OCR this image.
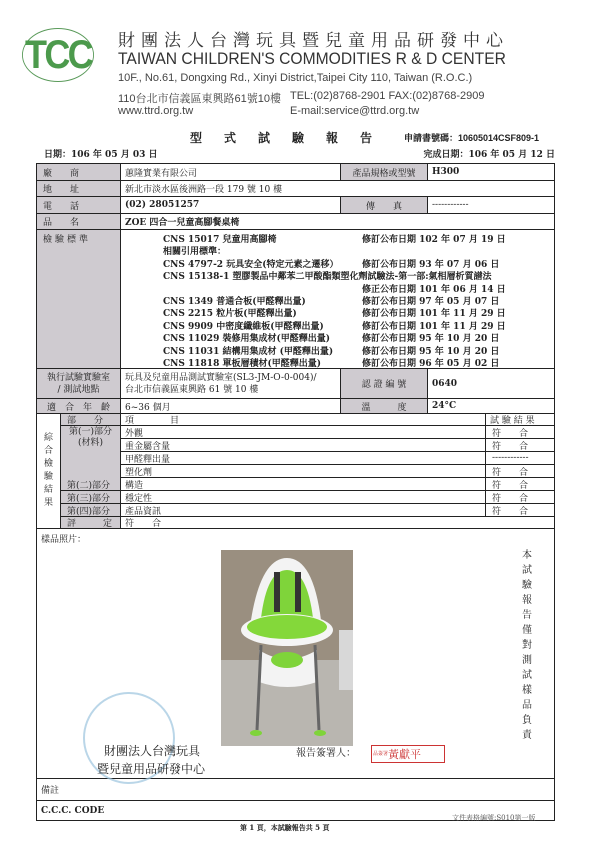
TCC 財團法人台灣玩具暨兒童用品研發中心
TAIWAN CHILDREN'S COMMODITIES R & D CENTER
10F., No.61, Dongxing Rd., Xinyi District,Taipei City 110, Taiwan (R.O.C.)
110台北市信義區東興路61號10樓 TEL:(02)8768-2901 FAX:(02)8768-2909
www.ttrd.org.tw	E-mail:service@ttrd.org.tw
型式試驗報告 申請書號碼：10605014CSF809-1
日期：106 年 05 月 03 日	完成日期：106 年 05 月 12 日
廠　　商	蕙隆實業有限公司	產品規格或型號	H300
地　　址	新北市淡水區後洲路一段 179 號 10 樓
電　　話	(02) 28051257	傳　　真	------------
品　　名	ZOE 四合一兒童高腳餐桌椅
檢驗標準	CNS 15017 兒童用高腳椅	修訂公布日期 102 年 07 月 19 日
相關引用標準：
CNS 4797-2 玩具安全(特定元素之遷移）	修訂公布日期 93 年 07 月 06 日
CNS 15138-1 塑膠製品中鄰苯二甲酸酯類塑化劑試驗法-第一部:氣相層析質譜法
修正公布日期 101 年 06 月 14 日
CNS 1349 普通合板(甲醛釋出量)	修訂公布日期 97 年 05 月 07 日
CNS 2215 粒片板(甲醛釋出量)	修訂公布日期 101 年 11 月 29 日
CNS 9909 中密度纖維板(甲醛釋出量)	修訂公布日期 101 年 11 月 29 日
CNS 11029 裝修用集成材(甲醛釋出量)	修訂公布日期 95 年 10 月 20 日
CNS 11031 結構用集成材 (甲醛釋出量)	修訂公布日期 95 年 10 月 20 日
CNS 11818 單板層積材(甲醛釋出量)	修訂公布日期 96 年 05 月 02 日
執行試驗實驗室
/ 測試地點
玩具及兒童用品測試實驗室(SL3-JM-O-0-004)/
台北市信義區東興路 61 號 10 樓	認 證 編 號	0640
適　合　年　齡	6~36 個月	溫　　　度	24°C
綜合檢驗結果
部　　分	項　　　　目	試 驗 結 果
第(一)部分
(材料)
外觀	符　　合
重金屬含量	符　　合
甲醛釋出量	------------
塑化劑	符　　合
第(二)部分	構造	符　　合
第(三)部分	穩定性	符　　合
第(四)部分	產品資訊	符　　合
評　　　定	符　　合
樣品照片：
備註
C.C.C. CODE
本試驗報告僅對測試樣品負責
財團法人台灣玩具
暨兒童用品研發中心
報告簽署人：	品簽署 黃獻平
第 1 頁，本試驗報告共 5 頁
文件表格編號:S010第一版
